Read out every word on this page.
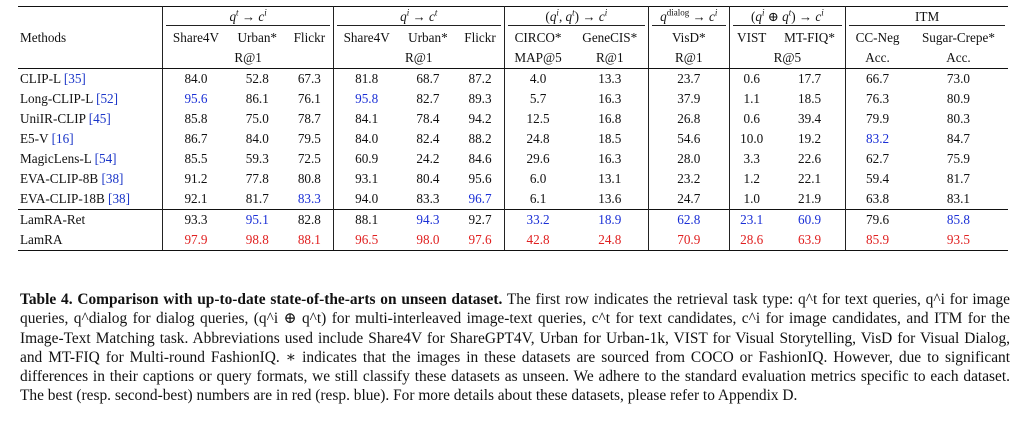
	$q^t \to c^i$			$q^i \to c^t$			($q^i$, $q^t) \to c^i$		$q^{dialog} \to c^i$	($q^i$ ⊕ $q^t) \to c^i$		ITM	
Methods	Share4V	Urban*	Flickr	Share4V	Urban*	Flickr	CIRCO*	GeneCIS*	VisD*	VIST	MT-FIQ*	CC-Neg	Sugar-Crepe*
	R@1			R@1			MAP@5	R@1	R@1	R@5		Acc.	Acc.
CLIP-L [35]	84.0	52.8	67.3	81.8	68.7	87.2	4.0	13.3	23.7	0.6	17.7	66.7	73.0
Long-CLIP-L [52]	95.6	86.1	76.1	95.8	82.7	89.3	5.7	16.3	37.9	1.1	18.5	76.3	80.9
UniIR-CLIP [45]	85.8	75.0	78.7	84.1	78.4	94.2	12.5	16.8	26.8	0.6	39.4	79.9	80.3
E5-V [16]	86.7	84.0	79.5	84.0	82.4	88.2	24.8	18.5	54.6	10.0	19.2	83.2	84.7
MagicLens-L [54]	85.5	59.3	72.5	60.9	24.2	84.6	29.6	16.3	28.0	3.3	22.6	62.7	75.9
EVA-CLIP-8B [38]	91.2	77.8	80.8	93.1	80.4	95.6	6.0	13.1	23.2	1.2	22.1	59.4	81.7
EVA-CLIP-18B [38]	92.1	81.7	83.3	94.0	83.3	96.7	6.1	13.6	24.7	1.0	21.9	63.8	83.1
LamRA-Ret	93.3	95.1	82.8	88.1	94.3	92.7	33.2	18.9	62.8	23.1	60.9	79.6	85.8
LamRA	97.9	98.8	88.1	96.5	98.0	97.6	42.8	24.8	70.9	28.6	63.9	85.9	93.5
Table 4. Comparison with up-to-date state-of-the-arts on unseen dataset. The first row indicates the retrieval task type: q^t for text queries, q^i for image queries, q^dialog for dialog queries, (q^i ⊕ q^t) for multi-interleaved image-text queries, c^t for text candidates, c^i for image candidates, and ITM for the Image-Text Matching task. Abbreviations used include Share4V for ShareGPT4V, Urban for Urban-1k, VIST for Visual Storytelling, VisD for Visual Dialog, and MT-FIQ for Multi-round FashionIQ. ∗ indicates that the images in these datasets are sourced from COCO or FashionIQ. However, due to significant differences in their captions or query formats, we still classify these datasets as unseen. We adhere to the standard evaluation metrics specific to each dataset. The best (resp. second-best) numbers are in red (resp. blue). For more details about these datasets, please refer to Appendix D.
